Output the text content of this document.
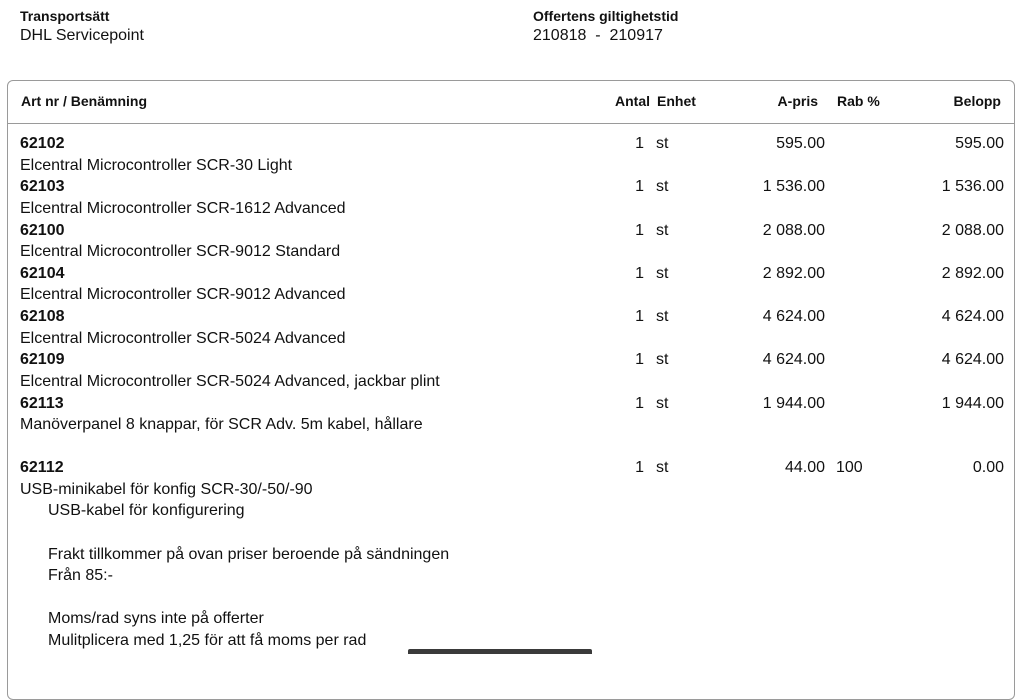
Transportsätt
DHL Servicepoint
Offertens giltighetstid
210818  -  210917
Art nr / Benämning	Antal Enhet	A-pris Rab %	Belopp
62102
Elcentral Microcontroller SCR-30 Light
1 st	595.00	595.00
62103
Elcentral Microcontroller SCR-1612 Advanced
1 st	1 536.00	1 536.00
62100
Elcentral Microcontroller SCR-9012 Standard
1 st	2 088.00	2 088.00
62104
Elcentral Microcontroller SCR-9012 Advanced
1 st	2 892.00	2 892.00
62108
Elcentral Microcontroller SCR-5024 Advanced
1 st	4 624.00	4 624.00
62109
Elcentral Microcontroller SCR-5024 Advanced, jackbar plint
1 st	4 624.00	4 624.00
62113
Manöverpanel 8 knappar, för SCR Adv. 5m kabel, hållare
1 st	1 944.00	1 944.00
62112
USB-minikabel för konfig SCR-30/-50/-90
1 st	44.00 100	0.00
USB-kabel för konfigurering
Frakt tillkommer på ovan priser beroende på sändningen
Från 85:-
Moms/rad syns inte på offerter
Mulitplicera med 1,25 för att få moms per rad
